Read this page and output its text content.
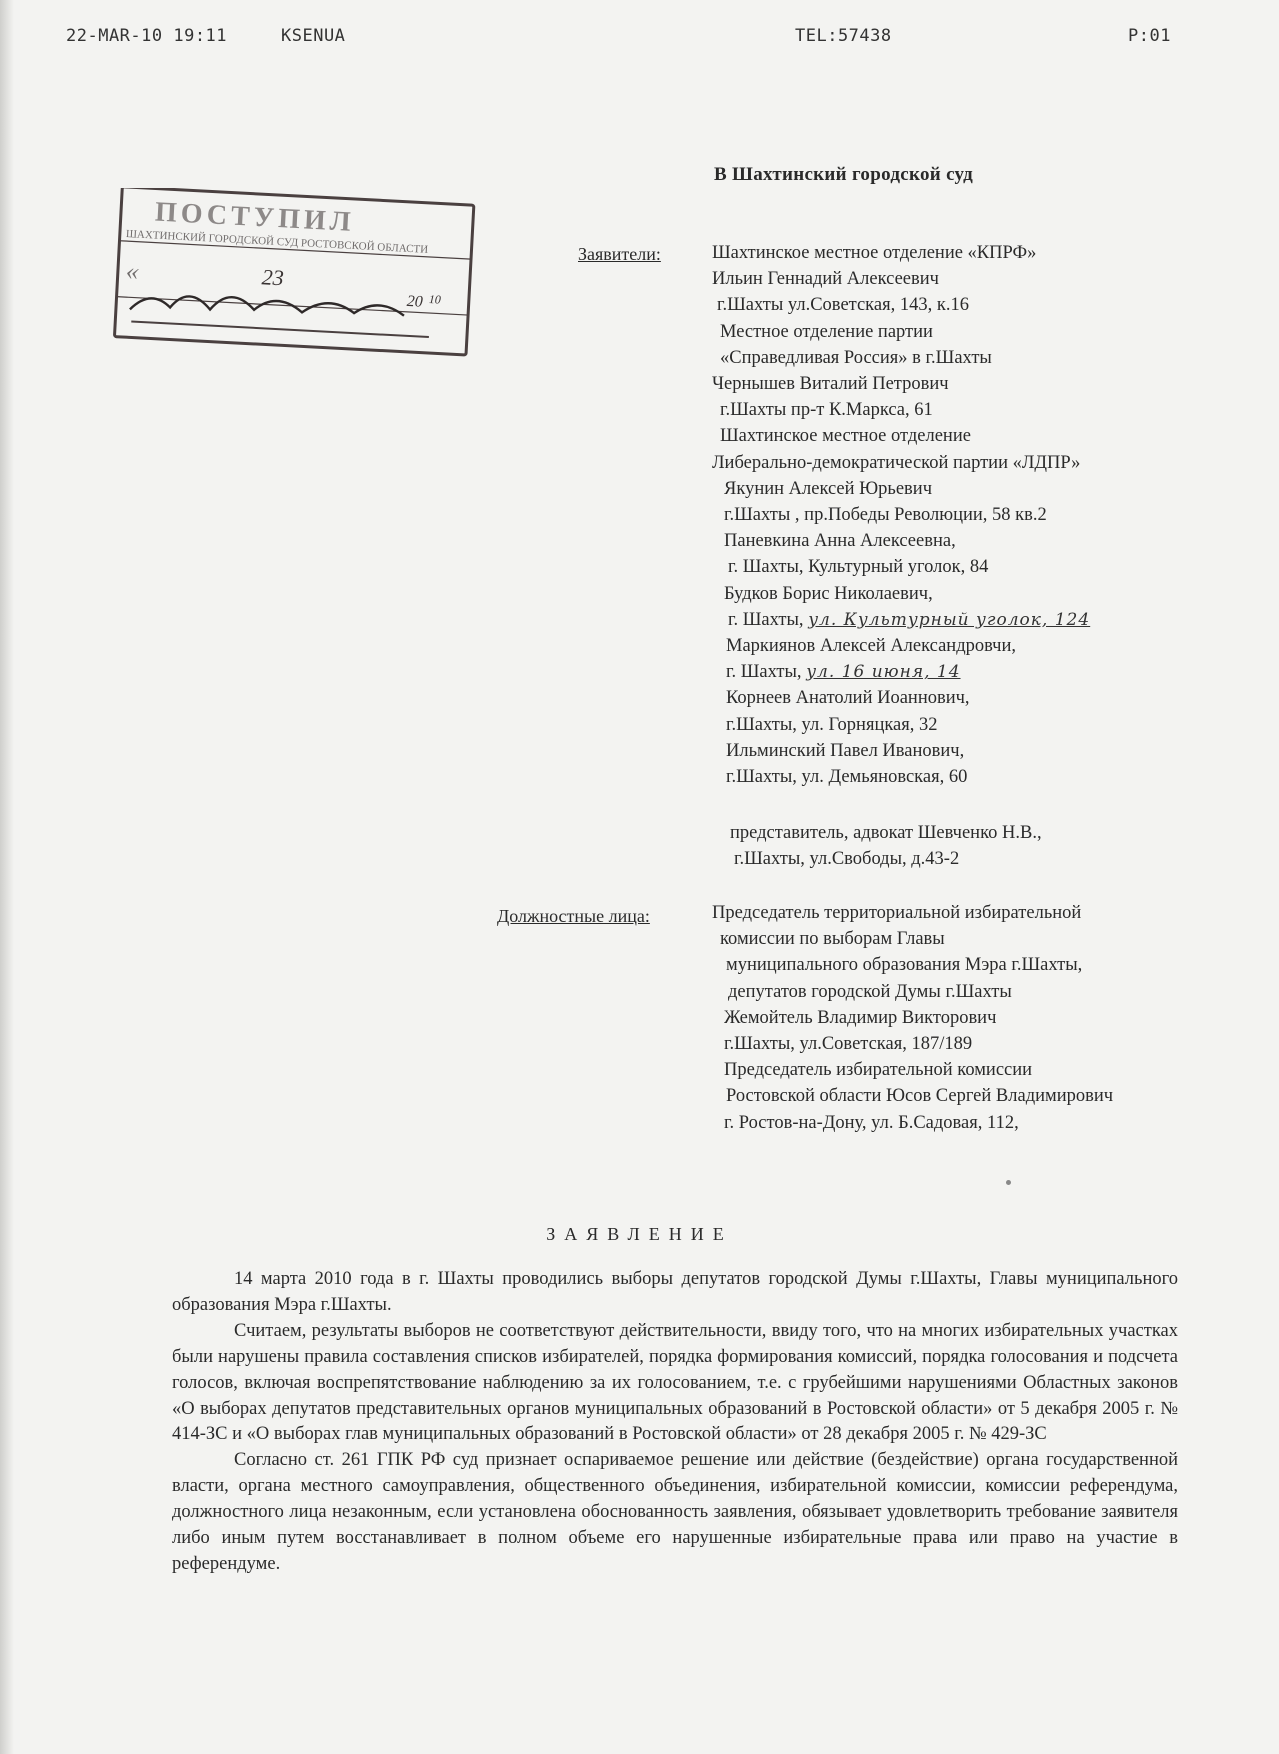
22-MAR-10 19:11	KSENUA	TEL:57438	P:01
ПОСТУПИЛ
ШАХТИНСКИЙ ГОРОДСКОЙ СУД РОСТОВСКОЙ ОБЛАСТИ
«	23
20 10
В Шахтинский городской суд
Заявители:	Шахтинское местное отделение «КПРФ»
Ильин Геннадий Алексеевич
г.Шахты ул.Советская, 143, к.16
Местное отделение партии
«Справедливая Россия» в г.Шахты
Чернышев Виталий Петрович
г.Шахты пр-т К.Маркса, 61
Шахтинское местное отделение
Либерально-демократической партии «ЛДПР»
Якунин Алексей Юрьевич
г.Шахты , пр.Победы Революции, 58 кв.2
Паневкина Анна Алексеевна,
г. Шахты, Культурный уголок, 84
Будков Борис Николаевич,
г. Шахты, ул. Культурный уголок, 124
Маркиянов Алексей Александровчи,
г. Шахты, ул. 16 июня, 14
Корнеев Анатолий Иоаннович,
г.Шахты, ул. Горняцкая, 32
Ильминский Павел Иванович,
г.Шахты, ул. Демьяновская, 60
представитель, адвокат Шевченко Н.В.,
г.Шахты, ул.Свободы, д.43-2
Должностные лица:	Председатель территориальной избирательной
комиссии по выборам Главы
муниципального образования Мэра г.Шахты,
депутатов городской Думы г.Шахты
Жемойтель Владимир Викторович
г.Шахты, ул.Советская, 187/189
Председатель избирательной комиссии
Ростовской области Юсов Сергей Владимирович
г. Ростов-на-Дону, ул. Б.Садовая, 112,
ЗАЯВЛЕНИЕ

14 марта 2010 года в г. Шахты проводились выборы депутатов городской Думы г.Шахты, Главы муниципального образования Мэра г.Шахты.

Считаем, результаты выборов не соответствуют действительности, ввиду того, что на многих избирательных участках были нарушены правила составления списков избирателей, порядка формирования комиссий, порядка голосования и подсчета голосов, включая воспрепятствование наблюдению за их голосованием, т.е. с грубейшими нарушениями Областных законов «О выборах депутатов представительных органов муниципальных образований в Ростовской области» от 5 декабря 2005 г. № 414-ЗС и «О выборах глав муниципальных образований в Ростовской области» от 28 декабря 2005 г. № 429-ЗС

Согласно ст. 261 ГПК РФ суд признает оспариваемое решение или действие (бездействие) органа государственной власти, органа местного самоуправления, общественного объединения, избирательной комиссии, комиссии референдума, должностного лица незаконным, если установлена обоснованность заявления, обязывает удовлетворить требование заявителя либо иным путем восстанавливает в полном объеме его нарушенные избирательные права или право на участие в референдуме.
